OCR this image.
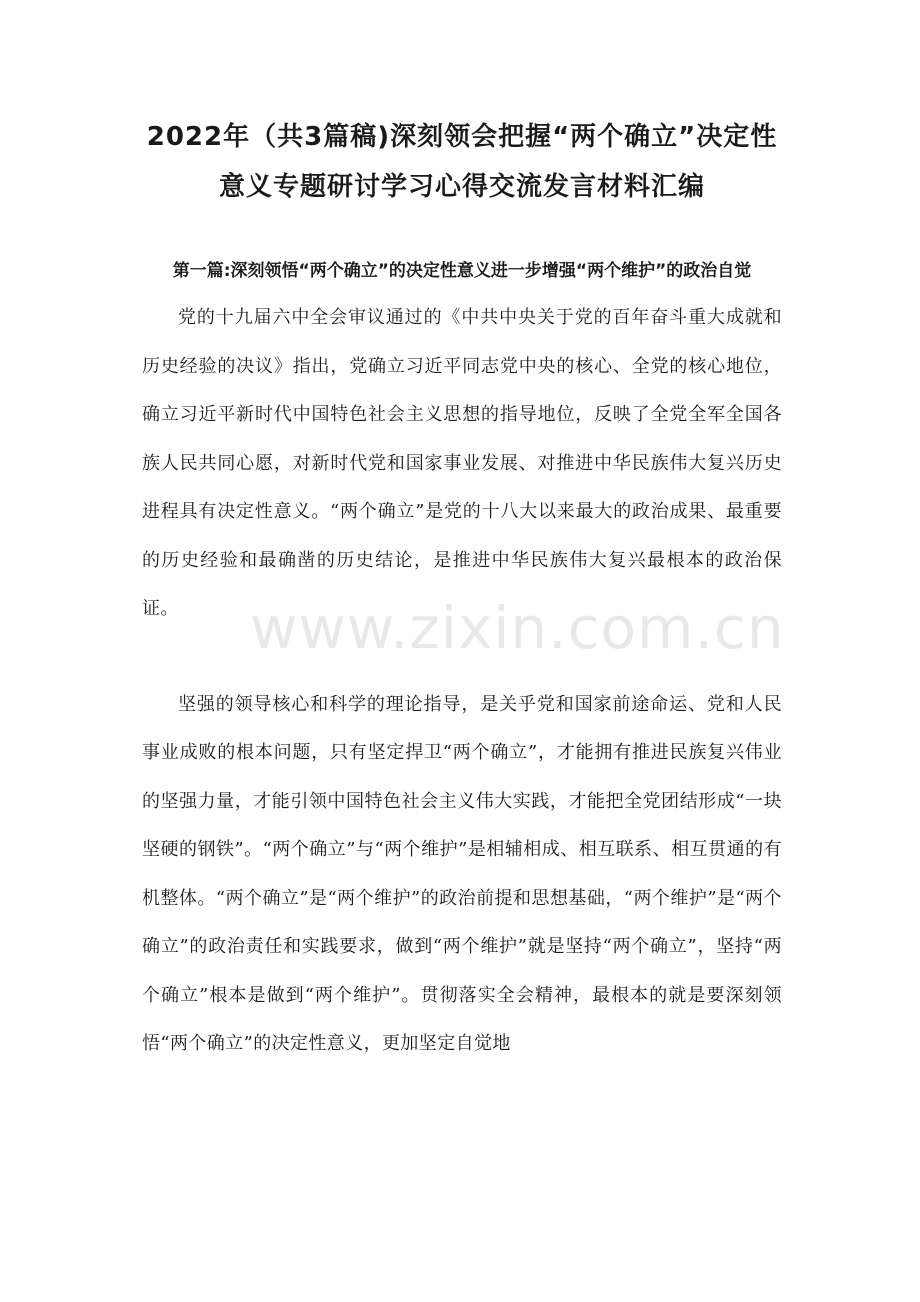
2022年（共3篇稿)深刻领会把握“两个确立”决定性意义专题研讨学习心得交流发言材料汇编
第一篇:深刻领悟“两个确立”的决定性意义进一步增强“两个维护”的政治自觉

党的十九届六中全会审议通过的《中共中央关于党的百年奋斗重大成就和历史经验的决议》指出，党确立习近平同志党中央的核心、全党的核心地位，确立习近平新时代中国特色社会主义思想的指导地位，反映了全党全军全国各族人民共同心愿，对新时代党和国家事业发展、对推进中华民族伟大复兴历史进程具有决定性意义。“两个确立”是党的十八大以来最大的政治成果、最重要的历史经验和最确凿的历史结论，是推进中华民族伟大复兴最根本的政治保证。

坚强的领导核心和科学的理论指导，是关乎党和国家前途命运、党和人民事业成败的根本问题，只有坚定捍卫“两个确立”，才能拥有推进民族复兴伟业的坚强力量，才能引领中国特色社会主义伟大实践，才能把全党团结形成“一块坚硬的钢铁”。“两个确立”与“两个维护”是相辅相成、相互联系、相互贯通的有机整体。“两个确立”是“两个维护”的政治前提和思想基础，“两个维护”是“两个确立”的政治责任和实践要求，做到“两个维护”就是坚持“两个确立”，坚持“两个确立”根本是做到“两个维护”。贯彻落实全会精神，最根本的就是要深刻领悟“两个确立”的决定性意义，更加坚定自觉地

www.zixin.com.cn
